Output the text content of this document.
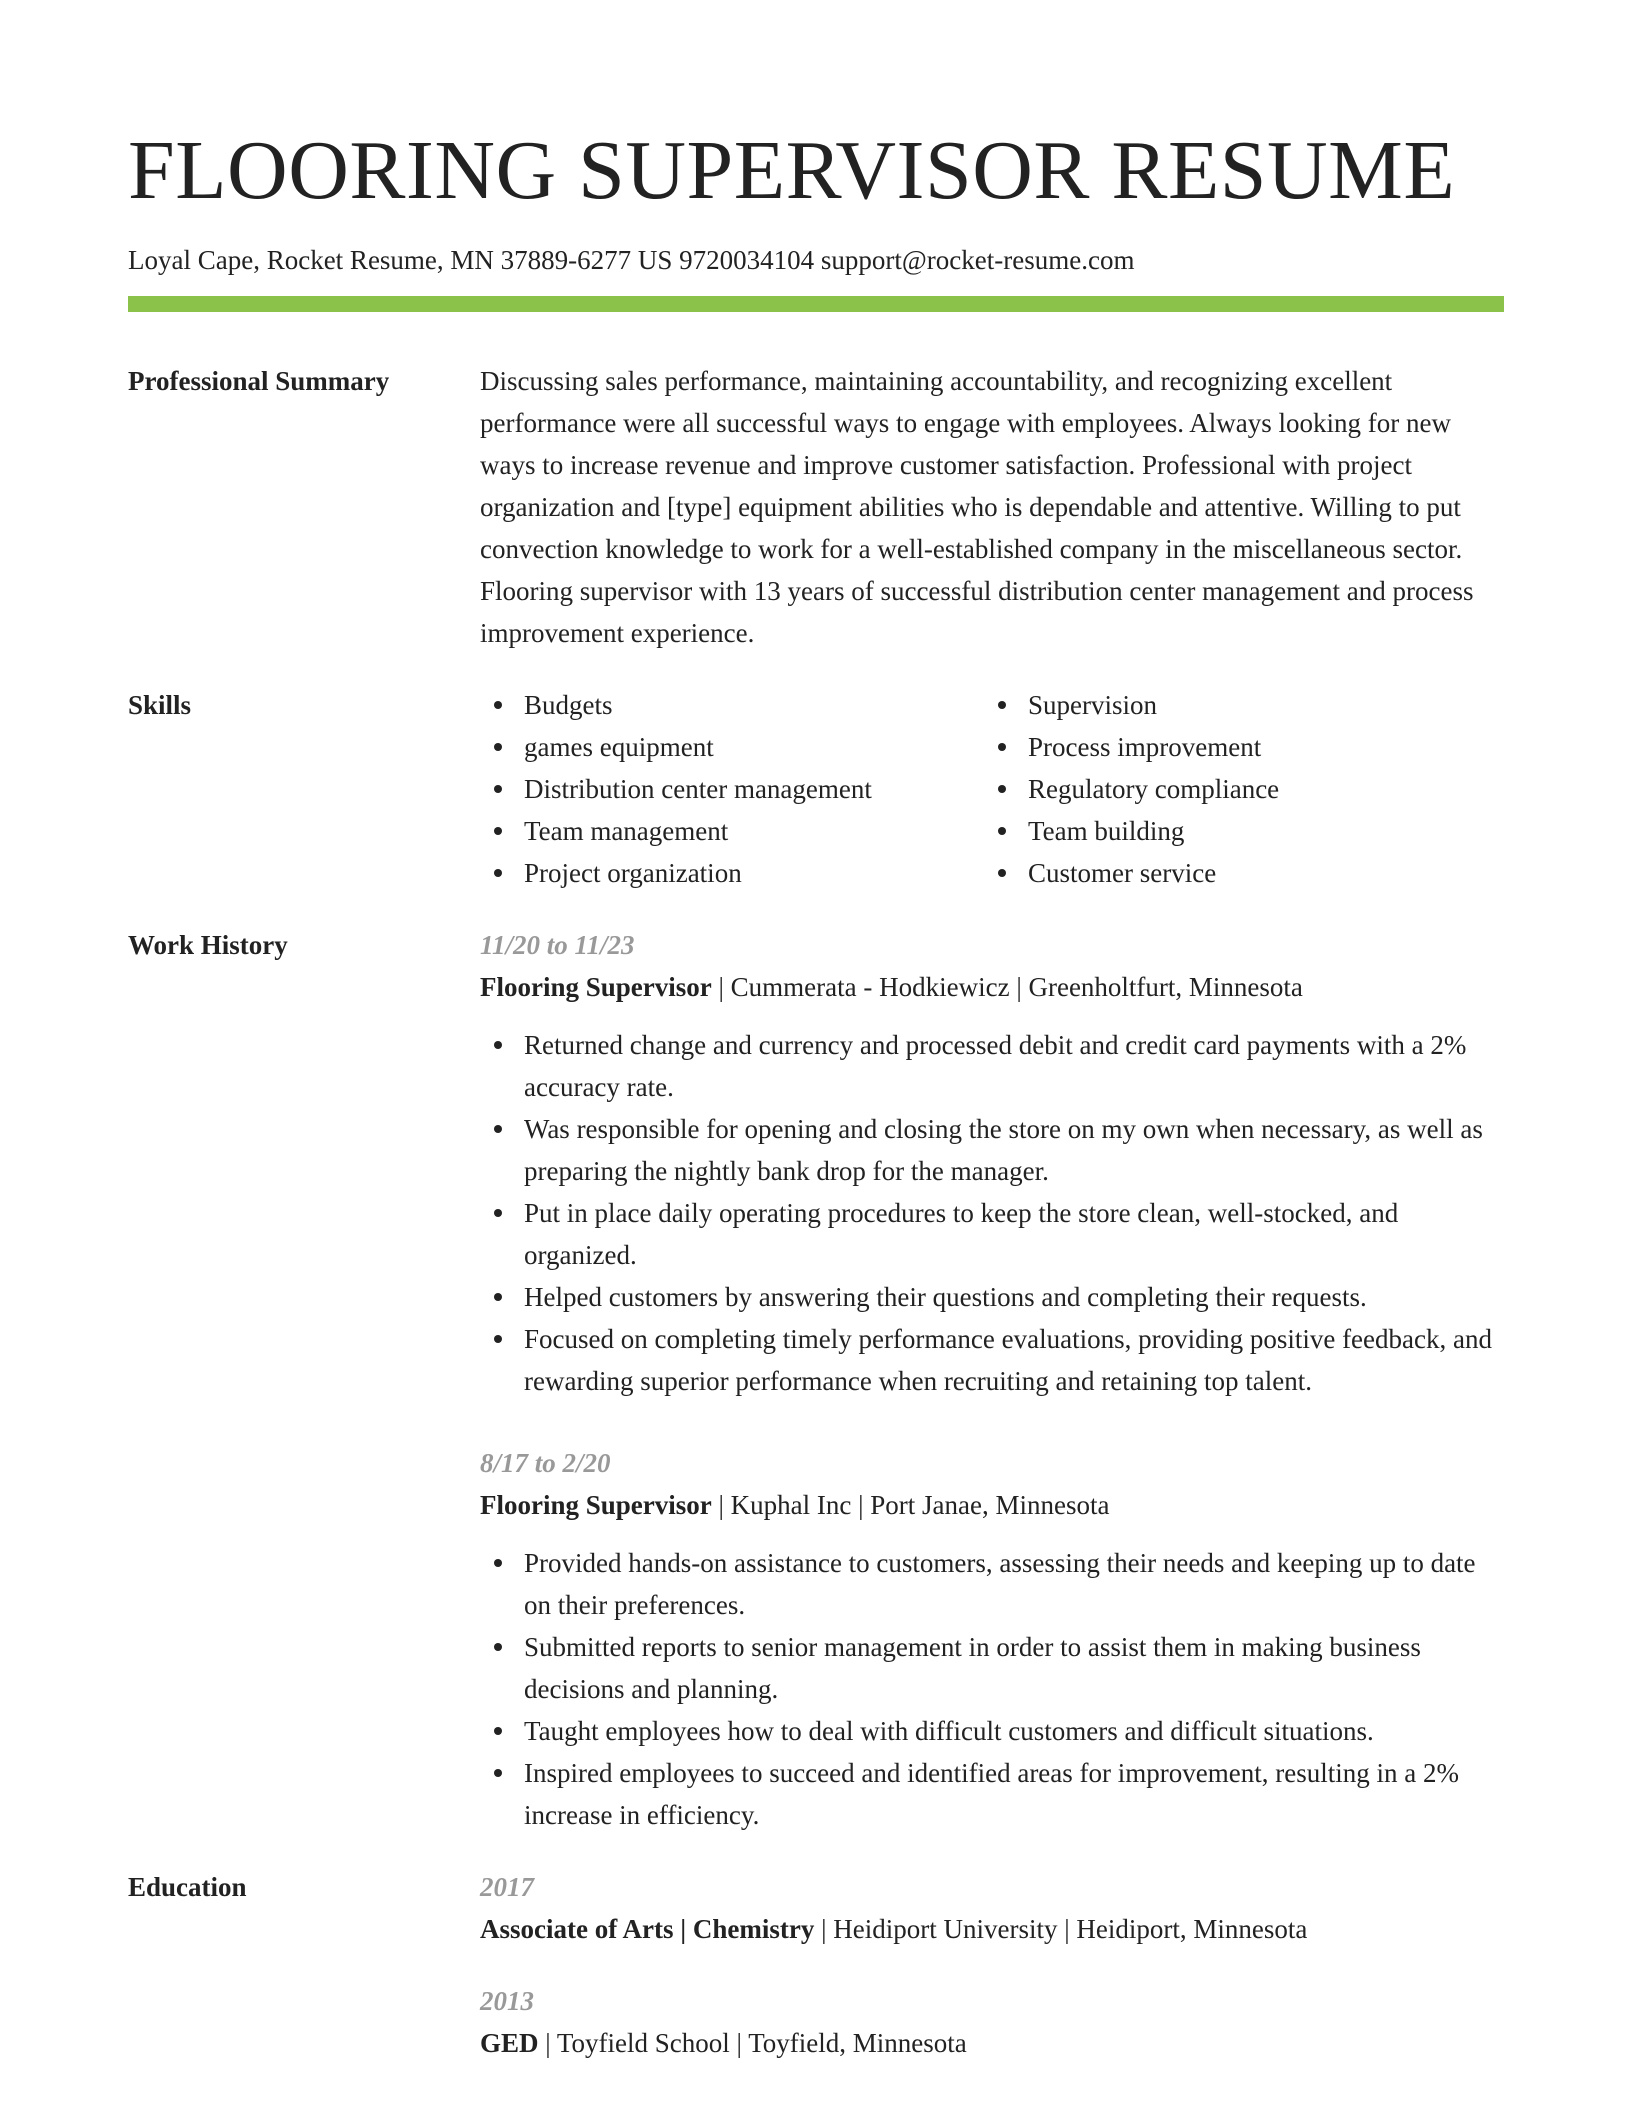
FLOORING SUPERVISOR RESUME
Loyal Cape, Rocket Resume, MN 37889-6277 US 9720034104 support@rocket-resume.com
Professional Summary	Discussing sales performance, maintaining accountability, and recognizing excellent performance were all successful ways to engage with employees. Always looking for new ways to increase revenue and improve customer satisfaction. Professional with project organization and [type] equipment abilities who is dependable and attentive. Willing to put convection knowledge to work for a well-established company in the miscellaneous sector. Flooring supervisor with 13 years of successful distribution center management and process improvement experience.

Skills	Budgets
games equipment
Distribution center management
Team management
Project organization
Supervision
Process improvement
Regulatory compliance
Team building
Customer service
Work History	11/20 to 11/23
Flooring Supervisor | Cummerata - Hodkiewicz | Greenholtfurt, Minnesota
Returned change and currency and processed debit and credit card payments with a 2% accuracy rate.
Was responsible for opening and closing the store on my own when necessary, as well as preparing the nightly bank drop for the manager.
Put in place daily operating procedures to keep the store clean, well-stocked, and organized.
Helped customers by answering their questions and completing their requests.
Focused on completing timely performance evaluations, providing positive feedback, and rewarding superior performance when recruiting and retaining top talent.
8/17 to 2/20
Flooring Supervisor | Kuphal Inc | Port Janae, Minnesota
Provided hands-on assistance to customers, assessing their needs and keeping up to date on their preferences.
Submitted reports to senior management in order to assist them in making business decisions and planning.
Taught employees how to deal with difficult customers and difficult situations.
Inspired employees to succeed and identified areas for improvement, resulting in a 2% increase in efficiency.
Education	2017
Associate of Arts | Chemistry | Heidiport University | Heidiport, Minnesota
2013
GED | Toyfield School | Toyfield, Minnesota
